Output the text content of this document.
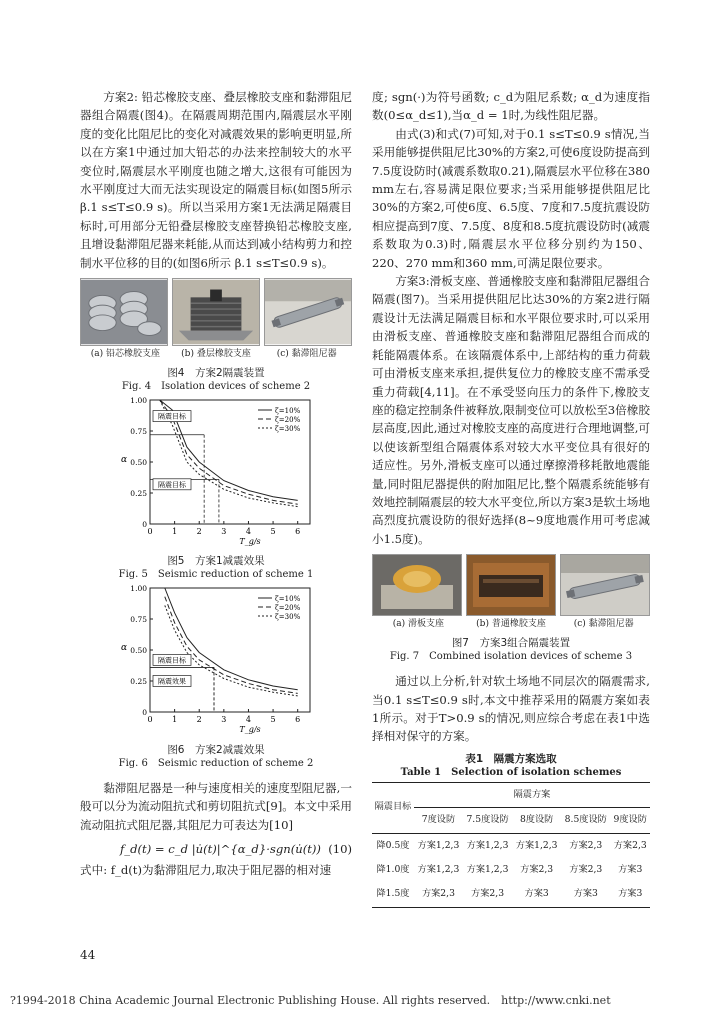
方案2: 铅芯橡胶支座、叠层橡胶支座和黏滞阻尼器组合隔震(图4)。在隔震周期范围内,隔震层水平刚度的变化比阻尼比的变化对减震效果的影响更明显,所以在方案1中通过加大铅芯的办法来控制较大的水平变位时,隔震层水平刚度也随之增大,这很有可能因为水平刚度过大而无法实现设定的隔震目标(如图5所示 β.1 s≤T≤0.9 s)。所以当采用方案1无法满足隔震目标时,可用部分无铅叠层橡胶支座替换铅芯橡胶支座,且增设黏滞阻尼器来耗能,从而达到减小结构剪力和控制水平位移的目的(如图6所示 β.1 s≤T≤0.9 s)。

(a) 铅芯橡胶支座	(b) 叠层橡胶支座	(c) 黏滞阻尼器

图4　方案2隔震装置

Fig. 4　Isolation devices of scheme 2

0 1 2 3 4 5 6
0
0.25
0.50
0.75
1.00
T_g/s
α
ζ=10%
ζ=20%
ζ=30%
隔震目标
隔震目标

图5　方案1减震效果

Fig. 5　Seismic reduction of scheme 1

0 1 2 3 4 5 6
0
0.25
0.50
0.75
1.00
T_g/s
α
ζ=10%
ζ=20%
ζ=30%
隔震目标
隔震效果

图6　方案2减震效果

Fig. 6　Seismic reduction of scheme 2

黏滞阻尼器是一种与速度相关的速度型阻尼器,一般可以分为流动阻抗式和剪切阻抗式[9]。本文中采用流动阻抗式阻尼器,其阻尼力可表达为[10]

f_d(t) = c_d |u̇(t)|^{α_d}·sgn(u̇(t)) (10)

式中: f_d(t)为黏滞阻尼力,取决于阻尼器的相对速

度; sgn(·)为符号函数; c_d为阻尼系数; α_d为速度指数(0≤α_d≤1),当α_d = 1时,为线性阻尼器。

由式(3)和式(7)可知,对于0.1 s≤T≤0.9 s情况,当采用能够提供阻尼比30%的方案2,可使6度设防提高到7.5度设防时(减震系数取0.21),隔震层水平位移在380 mm左右,容易满足限位要求;当采用能够提供阻尼比30%的方案2,可使6度、6.5度、7度和7.5度抗震设防相应提高到7度、7.5度、8度和8.5度抗震设防时(减震系数取为0.3)时,隔震层水平位移分别约为150、220、270 mm和360 mm,可满足限位要求。

方案3:滑板支座、普通橡胶支座和黏滞阻尼器组合隔震(图7)。当采用提供阻尼比达30%的方案2进行隔震设计无法满足隔震目标和水平限位要求时,可以采用由滑板支座、普通橡胶支座和黏滞阻尼器组合而成的耗能隔震体系。在该隔震体系中,上部结构的重力荷载可由滑板支座来承担,提供复位力的橡胶支座不需承受重力荷载[4,11]。在不承受竖向压力的条件下,橡胶支座的稳定控制条件被释放,限制变位可以放松至3倍橡胶层高度,因此,通过对橡胶支座的高度进行合理地调整,可以使该新型组合隔震体系对较大水平变位具有很好的适应性。另外,滑板支座可以通过摩擦滑移耗散地震能量,同时阻尼器提供的附加阻尼比,整个隔震系统能够有效地控制隔震层的较大水平变位,所以方案3是软土场地高烈度抗震设防的很好选择(8~9度地震作用可考虑减小1.5度)。

(a) 滑板支座	(b) 普通橡胶支座	(c) 黏滞阻尼器

图7　方案3组合隔震装置

Fig. 7　Combined isolation devices of scheme 3

通过以上分析,针对软土场地不同层次的隔震需求,当0.1 s≤T≤0.9 s时,本文中推荐采用的隔震方案如表1所示。对于T>0.9 s的情况,则应综合考虑在表1中选择相对保守的方案。

表1　隔震方案选取

Table 1　Selection of isolation schemes

隔震目标	隔震方案				
	7度设防	7.5度设防	8度设防	8.5度设防	9度设防
降0.5度	方案1,2,3	方案1,2,3	方案1,2,3	方案2,3	方案2,3
降1.0度	方案1,2,3	方案1,2,3	方案2,3	方案2,3	方案3
降1.5度	方案2,3	方案2,3	方案3	方案3	方案3
44
?1994-2018 China Academic Journal Electronic Publishing House. All rights reserved.　http://www.cnki.net
